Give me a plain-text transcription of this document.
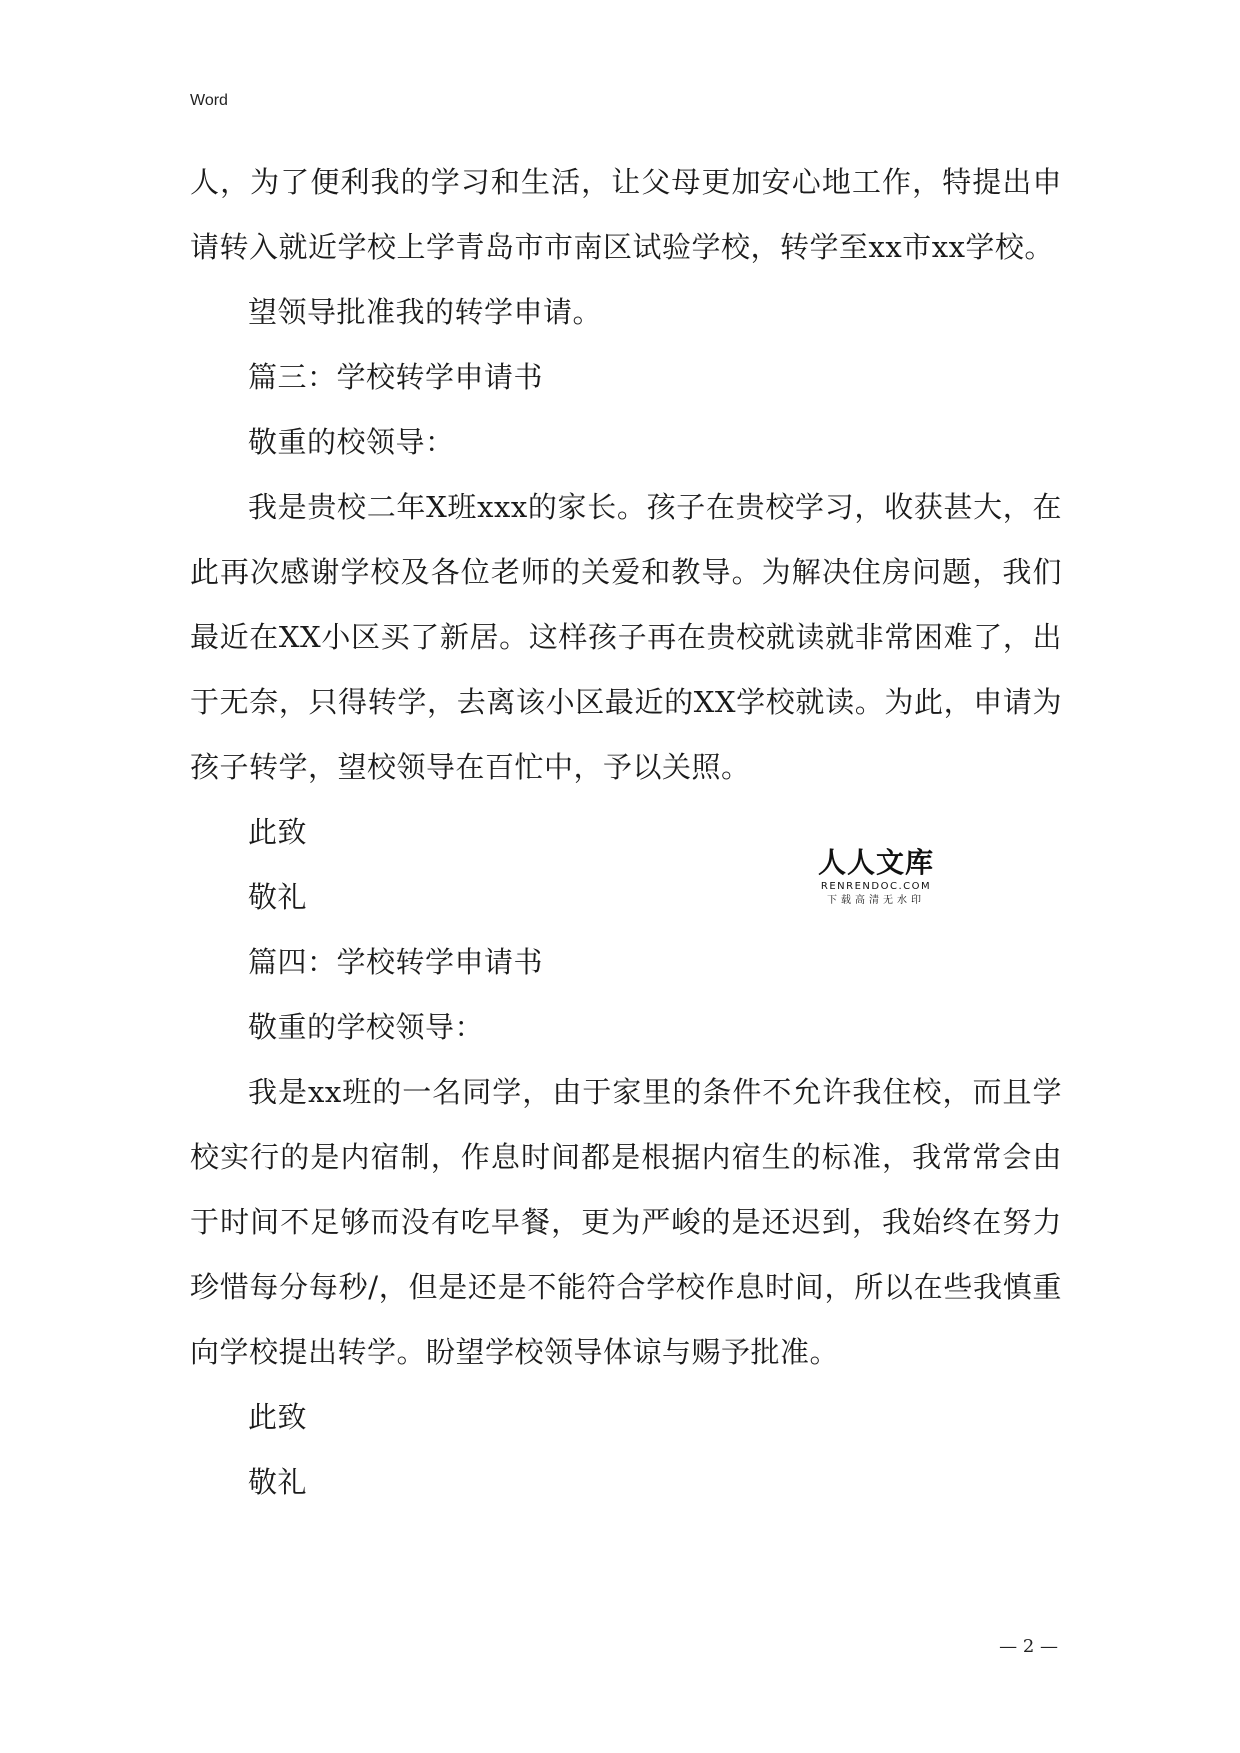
Word

人，为了便利我的学习和生活，让父母更加安心地工作，特提出申请转入就近学校上学青岛市市南区试验学校，转学至xx市xx学校。

望领导批准我的转学申请。

篇三：学校转学申请书

敬重的校领导：

我是贵校二年X班xxx的家长。孩子在贵校学习，收获甚大，在此再次感谢学校及各位老师的关爱和教导。为解决住房问题，我们最近在XX小区买了新居。这样孩子再在贵校就读就非常困难了，出于无奈，只得转学，去离该小区最近的XX学校就读。为此，申请为孩子转学，望校领导在百忙中，予以关照。

此致

敬礼

篇四：学校转学申请书

敬重的学校领导：

我是xx班的一名同学，由于家里的条件不允许我住校，而且学校实行的是内宿制，作息时间都是根据内宿生的标准，我常常会由于时间不足够而没有吃早餐，更为严峻的是还迟到，我始终在努力珍惜每分每秒/，但是还是不能符合学校作息时间，所以在些我慎重向学校提出转学。盼望学校领导体谅与赐予批准。

此致

敬礼

人人文库
RENRENDOC.COM
下载高清无水印
— 2 —
